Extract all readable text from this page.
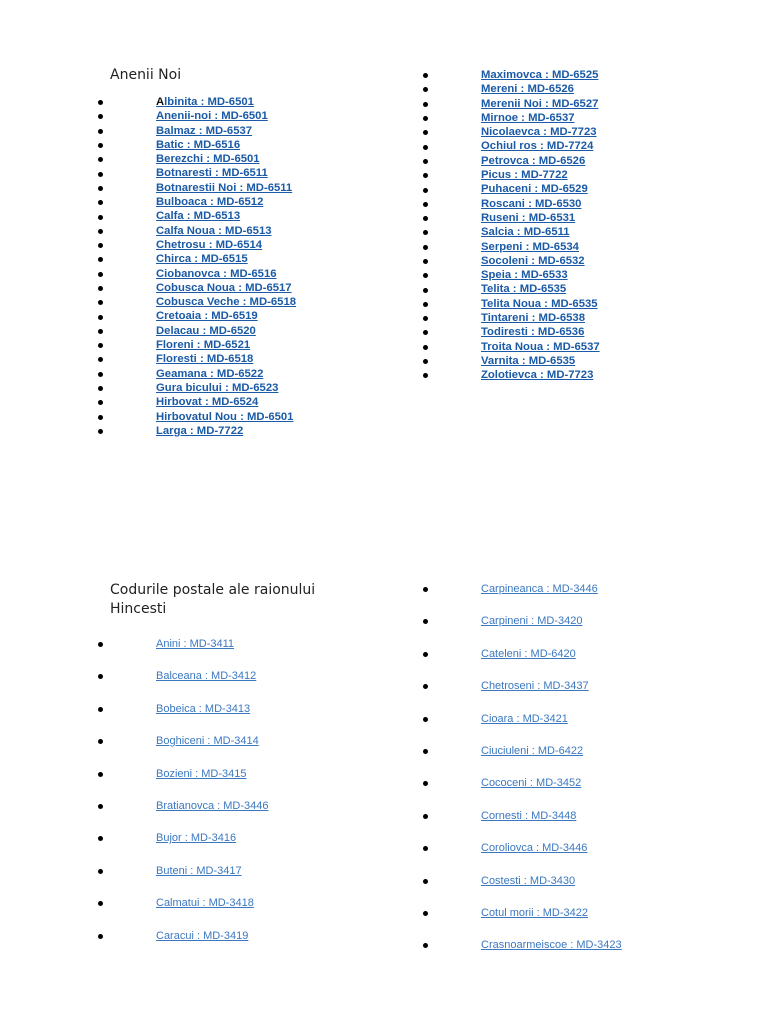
Anenii Noi
Albinita : MD-6501
Anenii-noi : MD-6501
Balmaz : MD-6537
Batic : MD-6516
Berezchi : MD-6501
Botnaresti : MD-6511
Botnarestii Noi : MD-6511
Bulboaca : MD-6512
Calfa : MD-6513
Calfa Noua : MD-6513
Chetrosu : MD-6514
Chirca : MD-6515
Ciobanovca : MD-6516
Cobusca Noua : MD-6517
Cobusca Veche : MD-6518
Cretoaia : MD-6519
Delacau : MD-6520
Floreni : MD-6521
Floresti : MD-6518
Geamana : MD-6522
Gura bicului : MD-6523
Hirbovat : MD-6524
Hirbovatul Nou : MD-6501
Larga : MD-7722
Maximovca : MD-6525
Mereni : MD-6526
Merenii Noi : MD-6527
Mirnoe : MD-6537
Nicolaevca : MD-7723
Ochiul ros : MD-7724
Petrovca : MD-6526
Picus : MD-7722
Puhaceni : MD-6529
Roscani : MD-6530
Ruseni : MD-6531
Salcia : MD-6511
Serpeni : MD-6534
Socoleni : MD-6532
Speia : MD-6533
Telita : MD-6535
Telita Noua : MD-6535
Tintareni : MD-6538
Todiresti : MD-6536
Troita Noua : MD-6537
Varnita : MD-6535
Zolotievca : MD-7723
Codurile postale ale raionului
Hincesti
Anini : MD-3411
Balceana : MD-3412
Bobeica : MD-3413
Boghiceni : MD-3414
Bozieni : MD-3415
Bratianovca : MD-3446
Bujor : MD-3416
Buteni : MD-3417
Calmatui : MD-3418
Caracui : MD-3419
Carpineanca : MD-3446
Carpineni : MD-3420
Cateleni : MD-6420
Chetroseni : MD-3437
Cioara : MD-3421
Ciuciuleni : MD-6422
Cococeni : MD-3452
Cornesti : MD-3448
Coroliovca : MD-3446
Costesti : MD-3430
Cotul morii : MD-3422
Crasnoarmeiscoe : MD-3423
